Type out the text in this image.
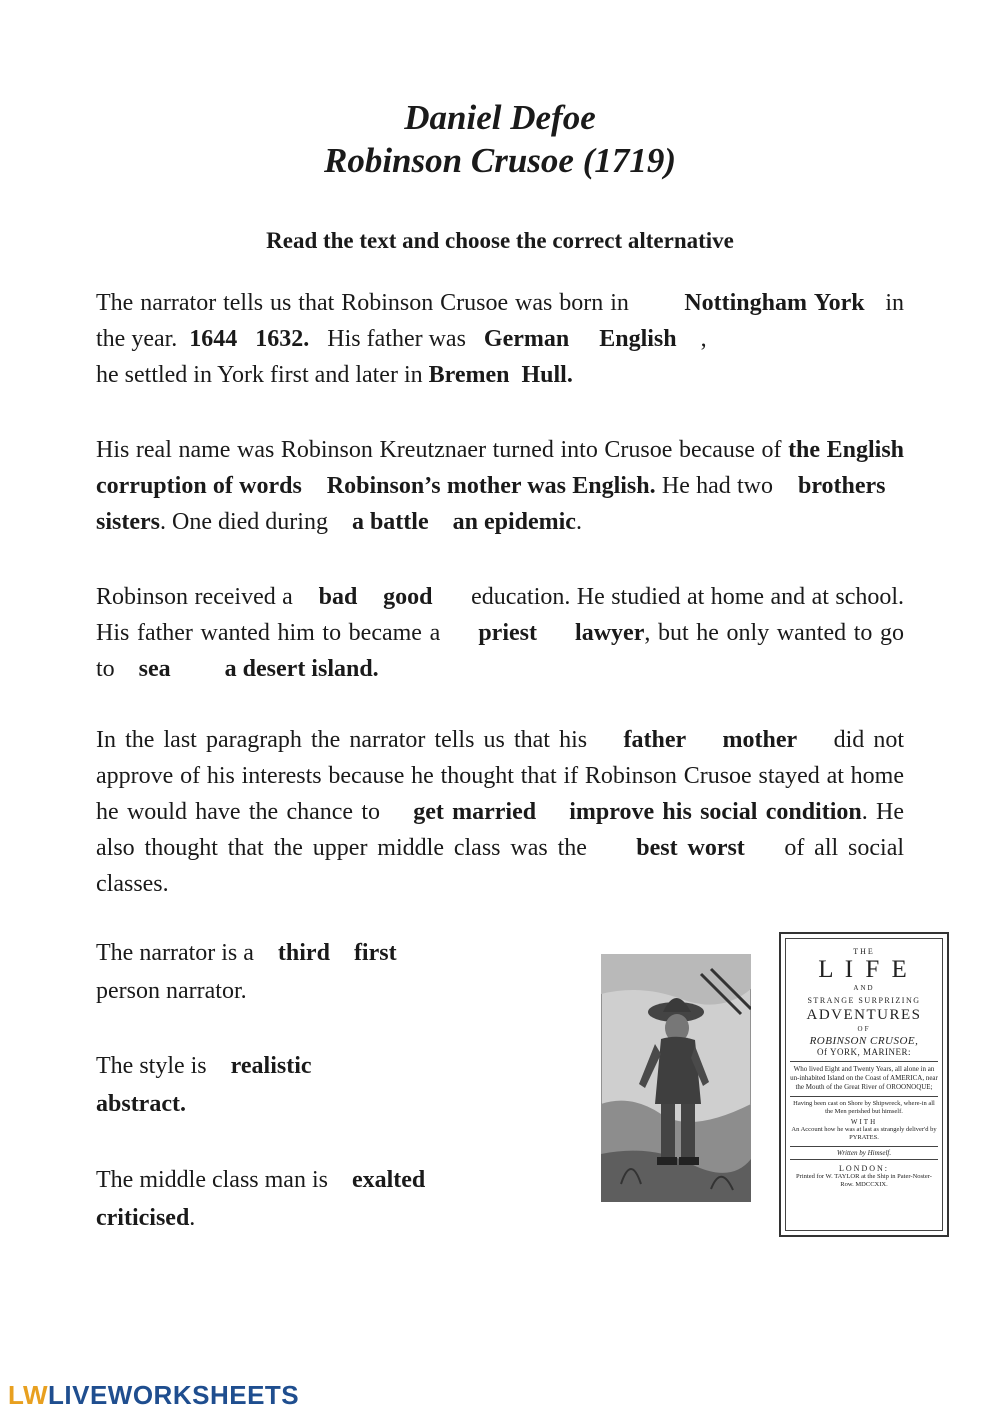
Daniel Defoe
Robinson Crusoe (1719)
Read the text and choose the correct alternative
The narrator tells us that Robinson Crusoe was born in Nottingham York in the year. 1644 1632. His father was German English ,
he settled in York first and later in Bremen Hull.
His real name was Robinson Kreutznaer turned into Crusoe because of the English corruption of words Robinson’s mother was English. He had two brothers    sisters. One died during a battle an epidemic.
Robinson received a bad good education. He studied at home and at school. His father wanted him to became a priest lawyer, but he only wanted to go to sea a desert island.
In the last paragraph the narrator tells us that his father mother did not approve of his interests because he thought that if Robinson Crusoe stayed at home he would have the chance to get married improve his social condition. He also thought that the upper middle class was the best worst of all social classes.
The narrator is a third first
person narrator.
The style is realistic
abstract.
The middle class man is exalted
criticised.
THE
L I F E
AND
STRANGE SURPRIZING
ADVENTURES
OF
ROBINSON CRUSOE,
Of YORK, MARINER:
Who lived Eight and Twenty Years, all alone in an un-inhabited Island on the Coast of AMERICA, near the Mouth of the Great River of OROONOQUE;
Having been cast on Shore by Shipwreck, where-in all the Men perished but himself.
WITH
An Account how he was at last as strangely deliver'd by PYRATES.
Written by Himself.
LONDON:
Printed for W. TAYLOR at the Ship in Pater-Noster-Row. MDCCXIX.
LWLIVEWORKSHEETS
